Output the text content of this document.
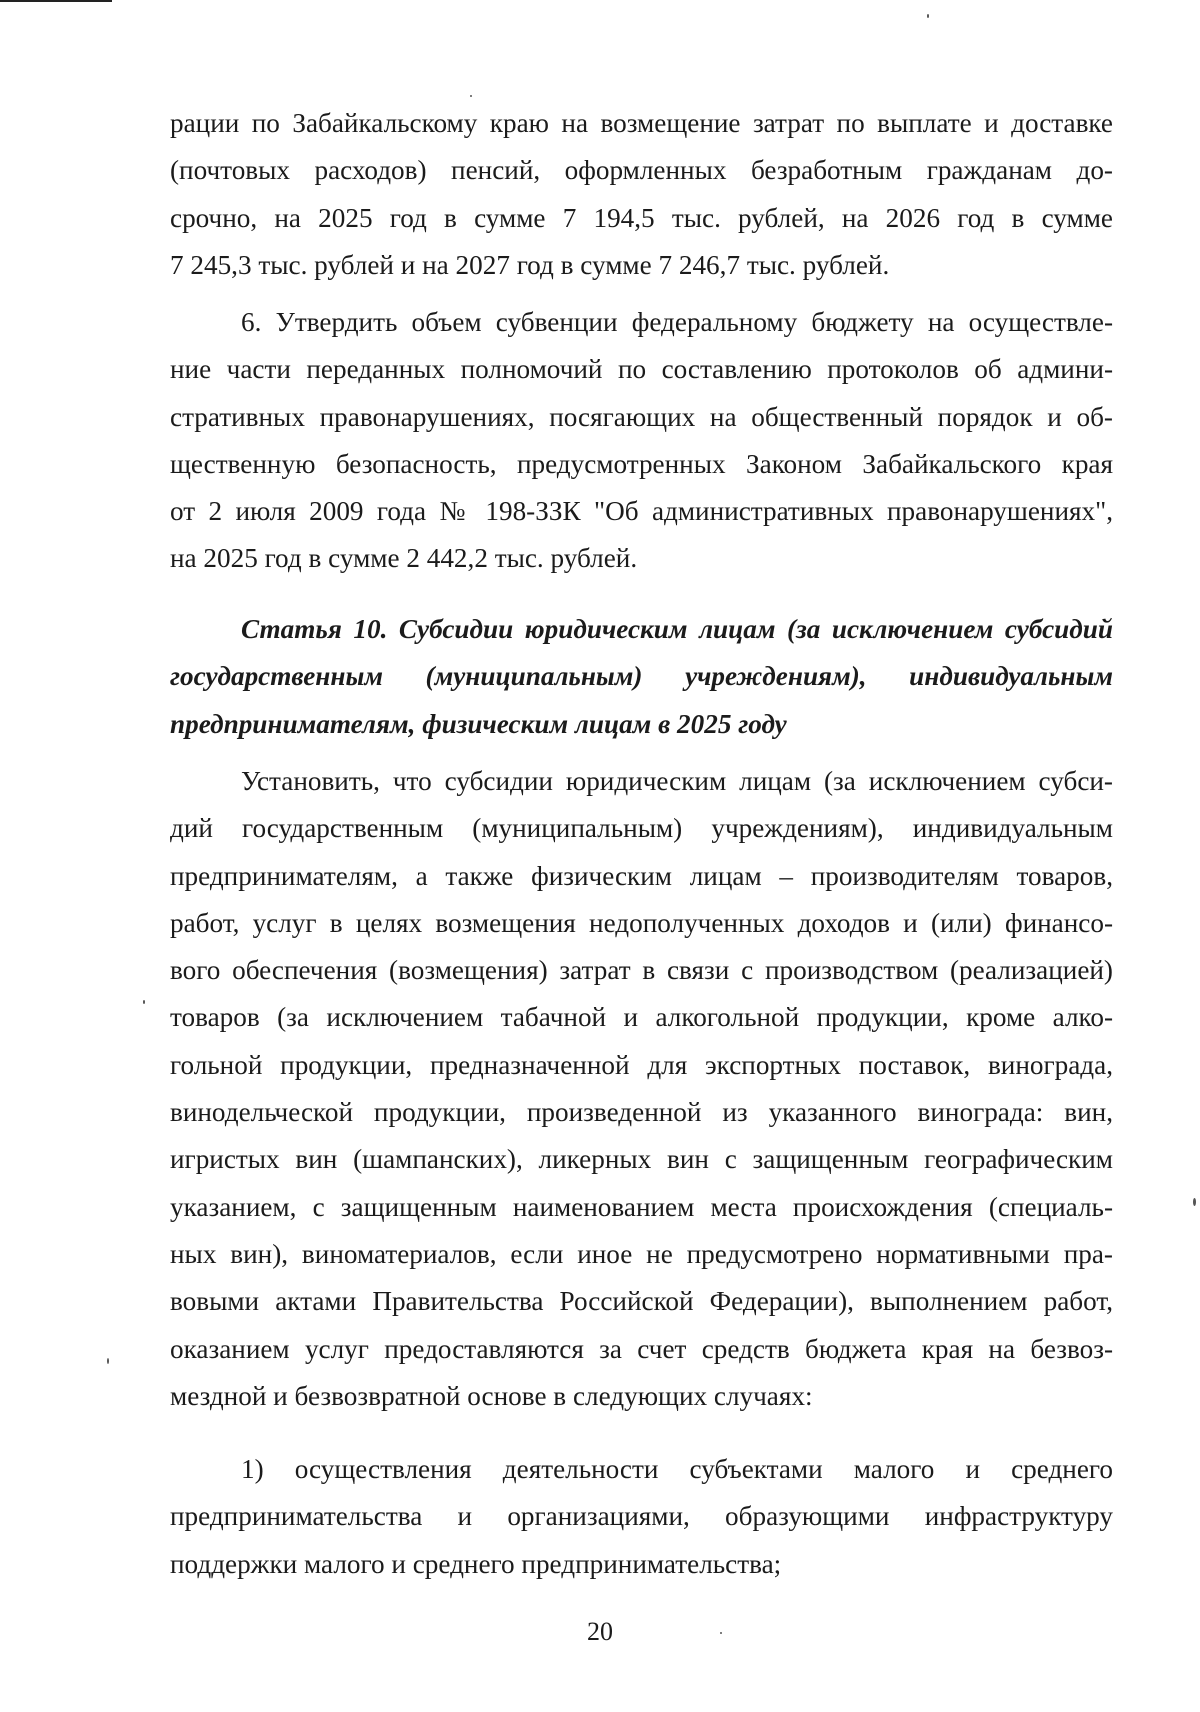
рации по Забайкальскому краю на возмещение затрат по выплате и доставке
(почтовых расходов) пенсий, оформленных безработным гражданам до-
срочно, на 2025 год в сумме 7 194,5 тыс. рублей, на 2026 год в сумме
7 245,3 тыс. рублей и на 2027 год в сумме 7 246,7 тыс. рублей.
6. Утвердить объем субвенции федеральному бюджету на осуществле-
ние части переданных полномочий по составлению протоколов об админи-
стративных правонарушениях, посягающих на общественный порядок и об-
щественную безопасность, предусмотренных Законом Забайкальского края
от 2 июля 2009 года № 198-ЗЗК "Об административных правонарушениях",
на 2025 год в сумме 2 442,2 тыс. рублей.
Статья 10. Субсидии юридическим лицам (за исключением субсидий
государственным (муниципальным) учреждениям), индивидуальным
предпринимателям, физическим лицам в 2025 году
Установить, что субсидии юридическим лицам (за исключением субси-
дий государственным (муниципальным) учреждениям), индивидуальным
предпринимателям, а также физическим лицам – производителям товаров,
работ, услуг в целях возмещения недополученных доходов и (или) финансо-
вого обеспечения (возмещения) затрат в связи с производством (реализацией)
товаров (за исключением табачной и алкогольной продукции, кроме алко-
гольной продукции, предназначенной для экспортных поставок, винограда,
винодельческой продукции, произведенной из указанного винограда: вин,
игристых вин (шампанских), ликерных вин с защищенным географическим
указанием, с защищенным наименованием места происхождения (специаль-
ных вин), виноматериалов, если иное не предусмотрено нормативными пра-
вовыми актами Правительства Российской Федерации), выполнением работ,
оказанием услуг предоставляются за счет средств бюджета края на безвоз-
мездной и безвозвратной основе в следующих случаях:
1) осуществления деятельности субъектами малого и среднего
предпринимательства и организациями, образующими инфраструктуру
поддержки малого и среднего предпринимательства;
20
